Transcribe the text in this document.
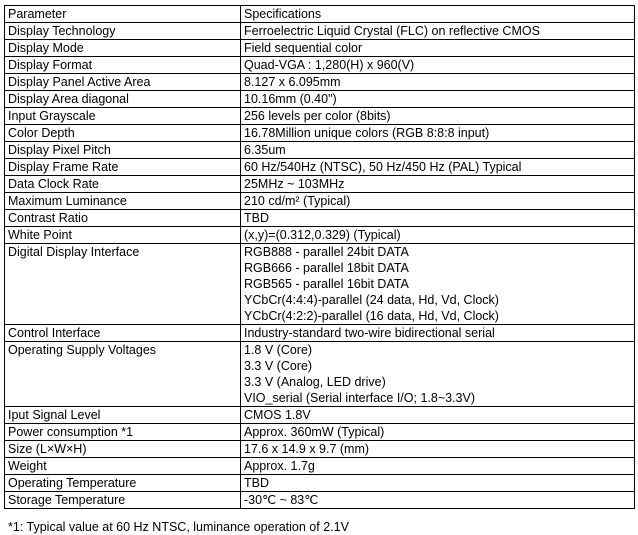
Parameter	Specifications

Display Technology	Ferroelectric Liquid Crystal (FLC) on reflective CMOS

Display Mode	Field sequential color

Display Format	Quad-VGA : 1,280(H) x 960(V)

Display Panel Active Area	8.127 x 6.095mm

Display Area diagonal	10.16mm (0.40")

Input Grayscale	256 levels per color (8bits)

Color Depth	16.78Million unique colors (RGB 8:8:8 input)

Display Pixel Pitch	6.35um

Display Frame Rate	60 Hz/540Hz (NTSC), 50 Hz/450 Hz (PAL) Typical

Data Clock Rate	25MHz ~ 103MHz

Maximum Luminance	210 cd/m² (Typical)

Contrast Ratio	TBD

White Point	(x,y)=(0.312,0.329) (Typical)

Digital Display Interface	RGB888 - parallel 24bit DATA
RGB666 - parallel 18bit DATA
RGB565 - parallel 16bit DATA
YCbCr(4:4:4)-parallel (24 data, Hd, Vd, Clock)
YCbCr(4:2:2)-parallel (16 data, Hd, Vd, Clock)

Control Interface	Industry-standard two-wire bidirectional serial

Operating Supply Voltages	1.8 V (Core)
3.3 V (Core)
3.3 V (Analog, LED drive)
VIO_serial (Serial interface I/O; 1.8~3.3V)

Iput Signal Level	CMOS 1.8V

Power consumption *1	Approx. 360mW (Typical)

Size (L×W×H)	17.6 x 14.9 x 9.7 (mm)

Weight	Approx. 1.7g

Operating Temperature	TBD

Storage Temperature	-30℃ ~ 83℃
*1: Typical value at 60 Hz NTSC, luminance operation of 2.1V
